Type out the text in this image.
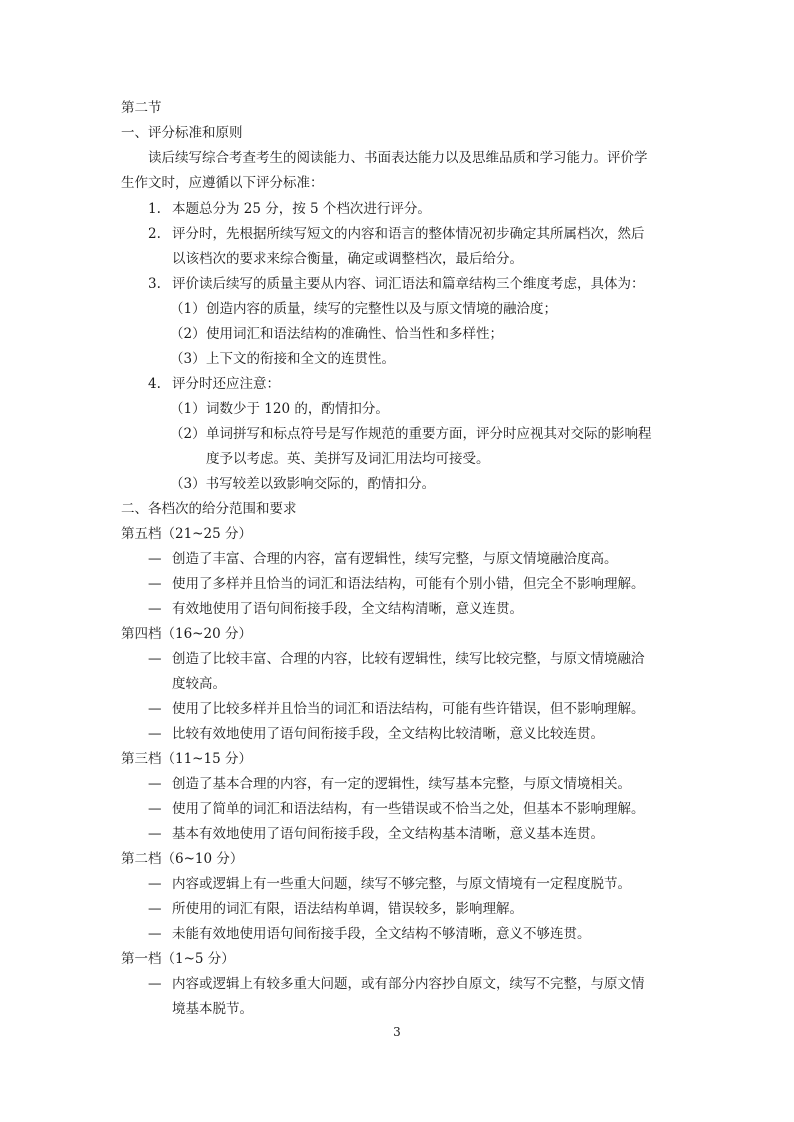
第二节
一、评分标准和原则
读后续写综合考查考生的阅读能力、书面表达能力以及思维品质和学习能力。评价学
生作文时，应遵循以下评分标准：
1. 本题总分为 25 分，按 5 个档次进行评分。
2. 评分时，先根据所续写短文的内容和语言的整体情况初步确定其所属档次，然后
以该档次的要求来综合衡量，确定或调整档次，最后给分。
3. 评价读后续写的质量主要从内容、词汇语法和篇章结构三个维度考虑，具体为：
（1） 创造内容的质量，续写的完整性以及与原文情境的融洽度；
（2） 使用词汇和语法结构的准确性、恰当性和多样性；
（3） 上下文的衔接和全文的连贯性。
4. 评分时还应注意：
（1） 词数少于 120 的，酌情扣分。
（2） 单词拼写和标点符号是写作规范的重要方面，评分时应视其对交际的影响程
度予以考虑。英、美拼写及词汇用法均可接受。
（3）书写较差以致影响交际的，酌情扣分。
二、各档次的给分范围和要求
第五档（21~25 分）
— 创造了丰富、合理的内容，富有逻辑性，续写完整，与原文情境融洽度高。
— 使用了多样并且恰当的词汇和语法结构，可能有个别小错，但完全不影响理解。
— 有效地使用了语句间衔接手段，全文结构清晰，意义连贯。
第四档（16~20 分）
— 创造了比较丰富、合理的内容，比较有逻辑性，续写比较完整，与原文情境融洽
度较高。
— 使用了比较多样并且恰当的词汇和语法结构，可能有些许错误，但不影响理解。
— 比较有效地使用了语句间衔接手段，全文结构比较清晰，意义比较连贯。
第三档（11~15 分）
— 创造了基本合理的内容，有一定的逻辑性，续写基本完整，与原文情境相关。
— 使用了简单的词汇和语法结构，有一些错误或不恰当之处，但基本不影响理解。
— 基本有效地使用了语句间衔接手段，全文结构基本清晰，意义基本连贯。
第二档（6~10 分）
— 内容或逻辑上有一些重大问题，续写不够完整，与原文情境有一定程度脱节。
— 所使用的词汇有限，语法结构单调，错误较多，影响理解。
— 未能有效地使用语句间衔接手段，全文结构不够清晰，意义不够连贯。
第一档（1~5 分）
— 内容或逻辑上有较多重大问题，或有部分内容抄自原文，续写不完整，与原文情
境基本脱节。
3
